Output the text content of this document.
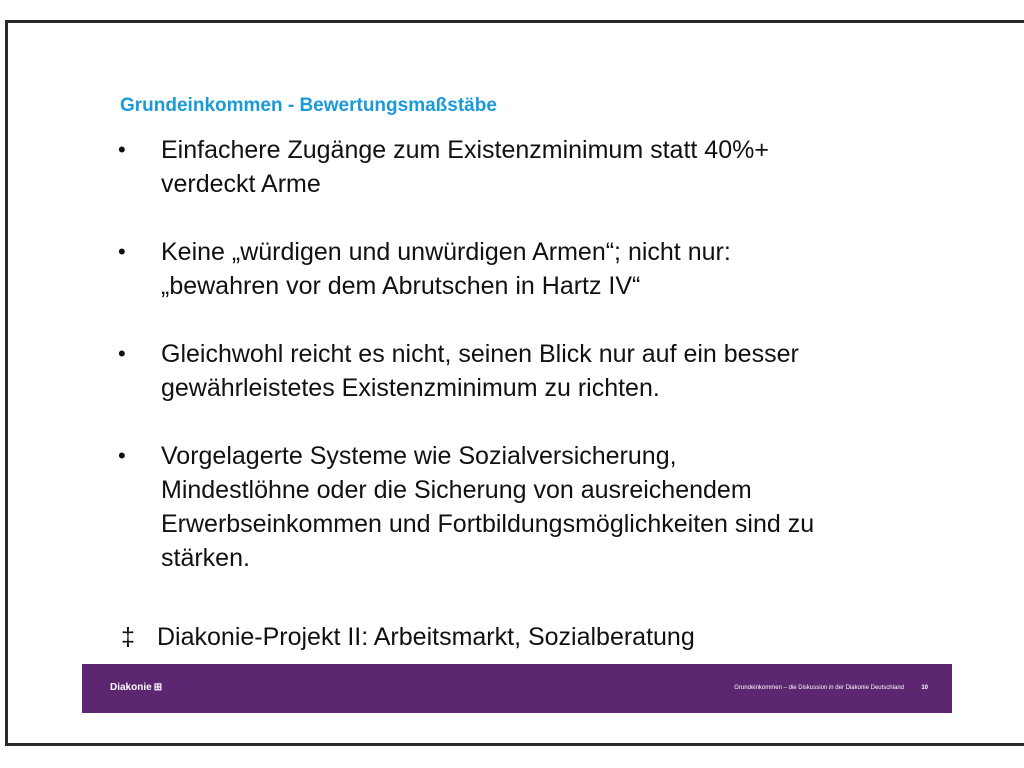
Grundeinkommen - Bewertungsmaßstäbe
• Einfachere Zugänge zum Existenzminimum statt 40%+
verdeckt Arme
• Keine „würdigen und unwürdigen Armen“; nicht nur:
„bewahren vor dem Abrutschen in Hartz IV“
• Gleichwohl reicht es nicht, seinen Blick nur auf ein besser
gewährleistetes Existenzminimum zu richten.
• Vorgelagerte Systeme wie Sozialversicherung,
Mindestlöhne oder die Sicherung von ausreichendem
Erwerbseinkommen und Fortbildungsmöglichkeiten sind zu
stärken.
‡ Diakonie-Projekt II: Arbeitsmarkt, Sozialberatung
Diakonie ⊞	Grundeinkommen – die Diskussion in der Diakonie Deutschland	10
